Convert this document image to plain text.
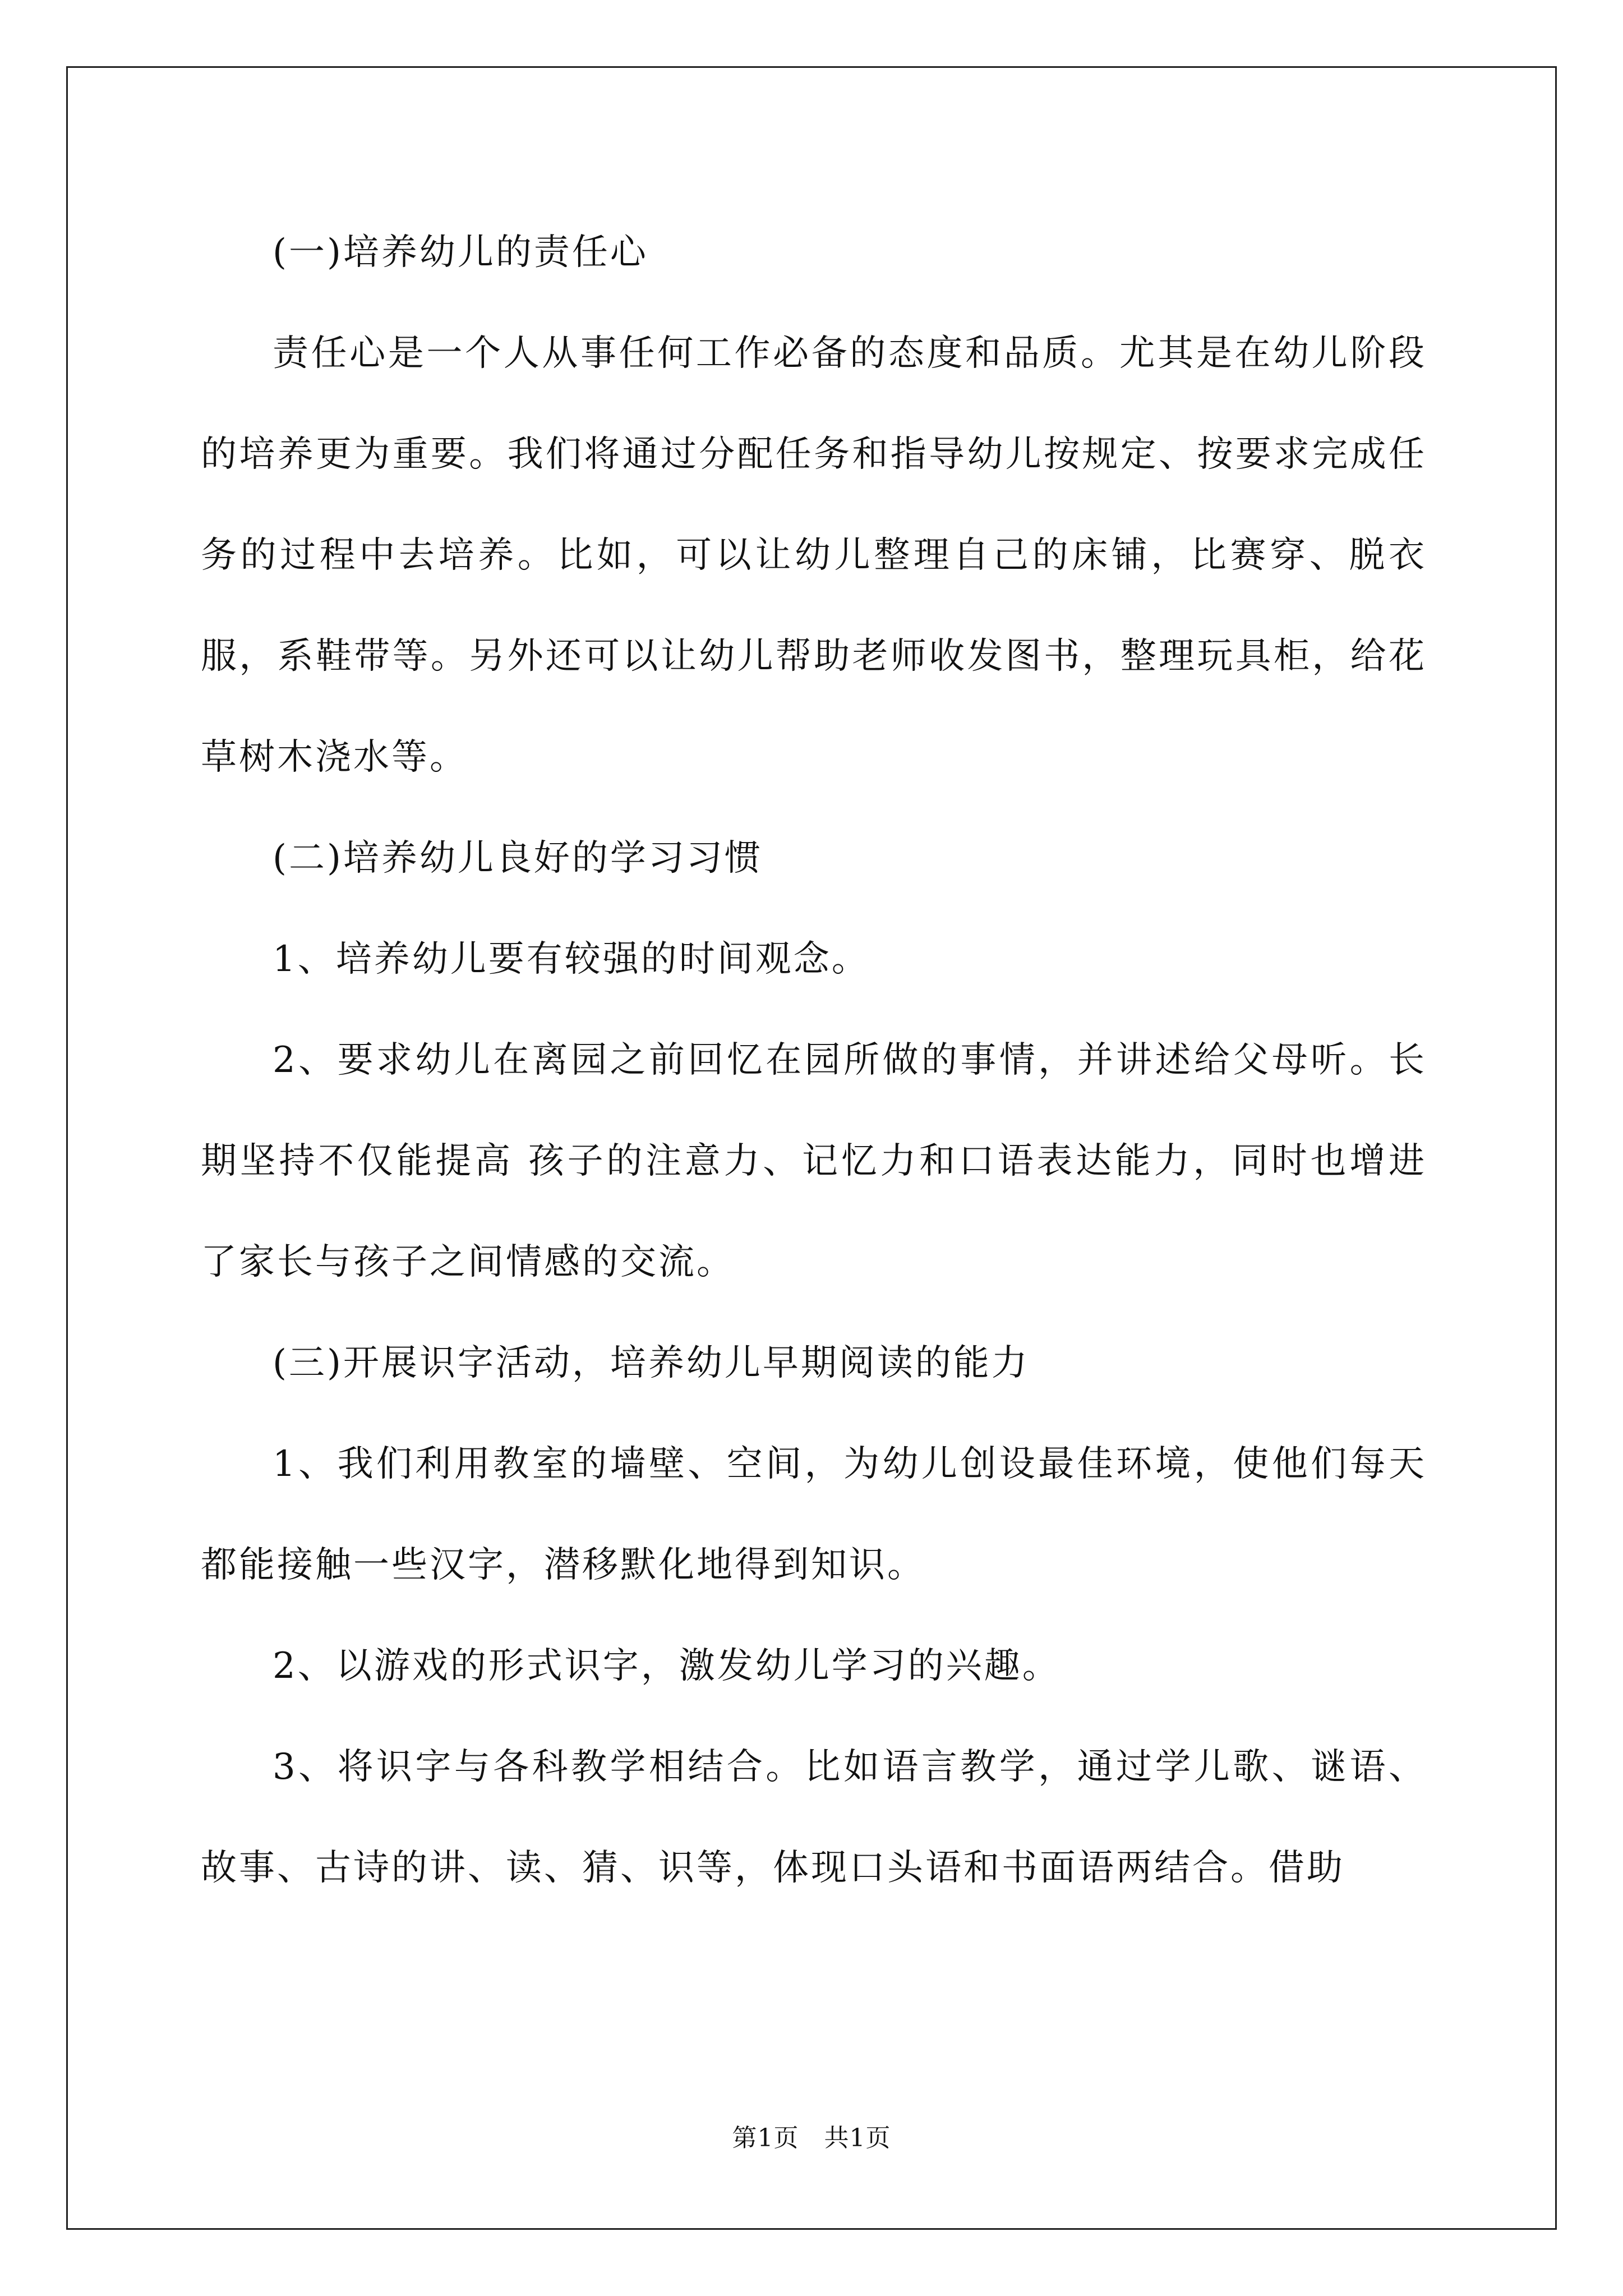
(一)培养幼儿的责任心

责任心是一个人从事任何工作必备的态度和品质。尤其是在幼儿阶段的培养更为重要。我们将通过分配任务和指导幼儿按规定、按要求完成任务的过程中去培养。比如，可以让幼儿整理自己的床铺，比赛穿、脱衣服，系鞋带等。另外还可以让幼儿帮助老师收发图书，整理玩具柜，给花草树木浇水等。

(二)培养幼儿良好的学习习惯

1、培养幼儿要有较强的时间观念。

2、要求幼儿在离园之前回忆在园所做的事情，并讲述给父母听。长期坚持不仅能提高 孩子的注意力、记忆力和口语表达能力，同时也增进了家长与孩子之间情感的交流。

(三)开展识字活动，培养幼儿早期阅读的能力

1、我们利用教室的墙壁、空间，为幼儿创设最佳环境，使他们每天都能接触一些汉字，潜移默化地得到知识。

2、以游戏的形式识字，激发幼儿学习的兴趣。

3、将识字与各科教学相结合。比如语言教学，通过学儿歌、谜语、故事、古诗的讲、读、猜、识等，体现口头语和书面语两结合。借助

第1页 共1页
